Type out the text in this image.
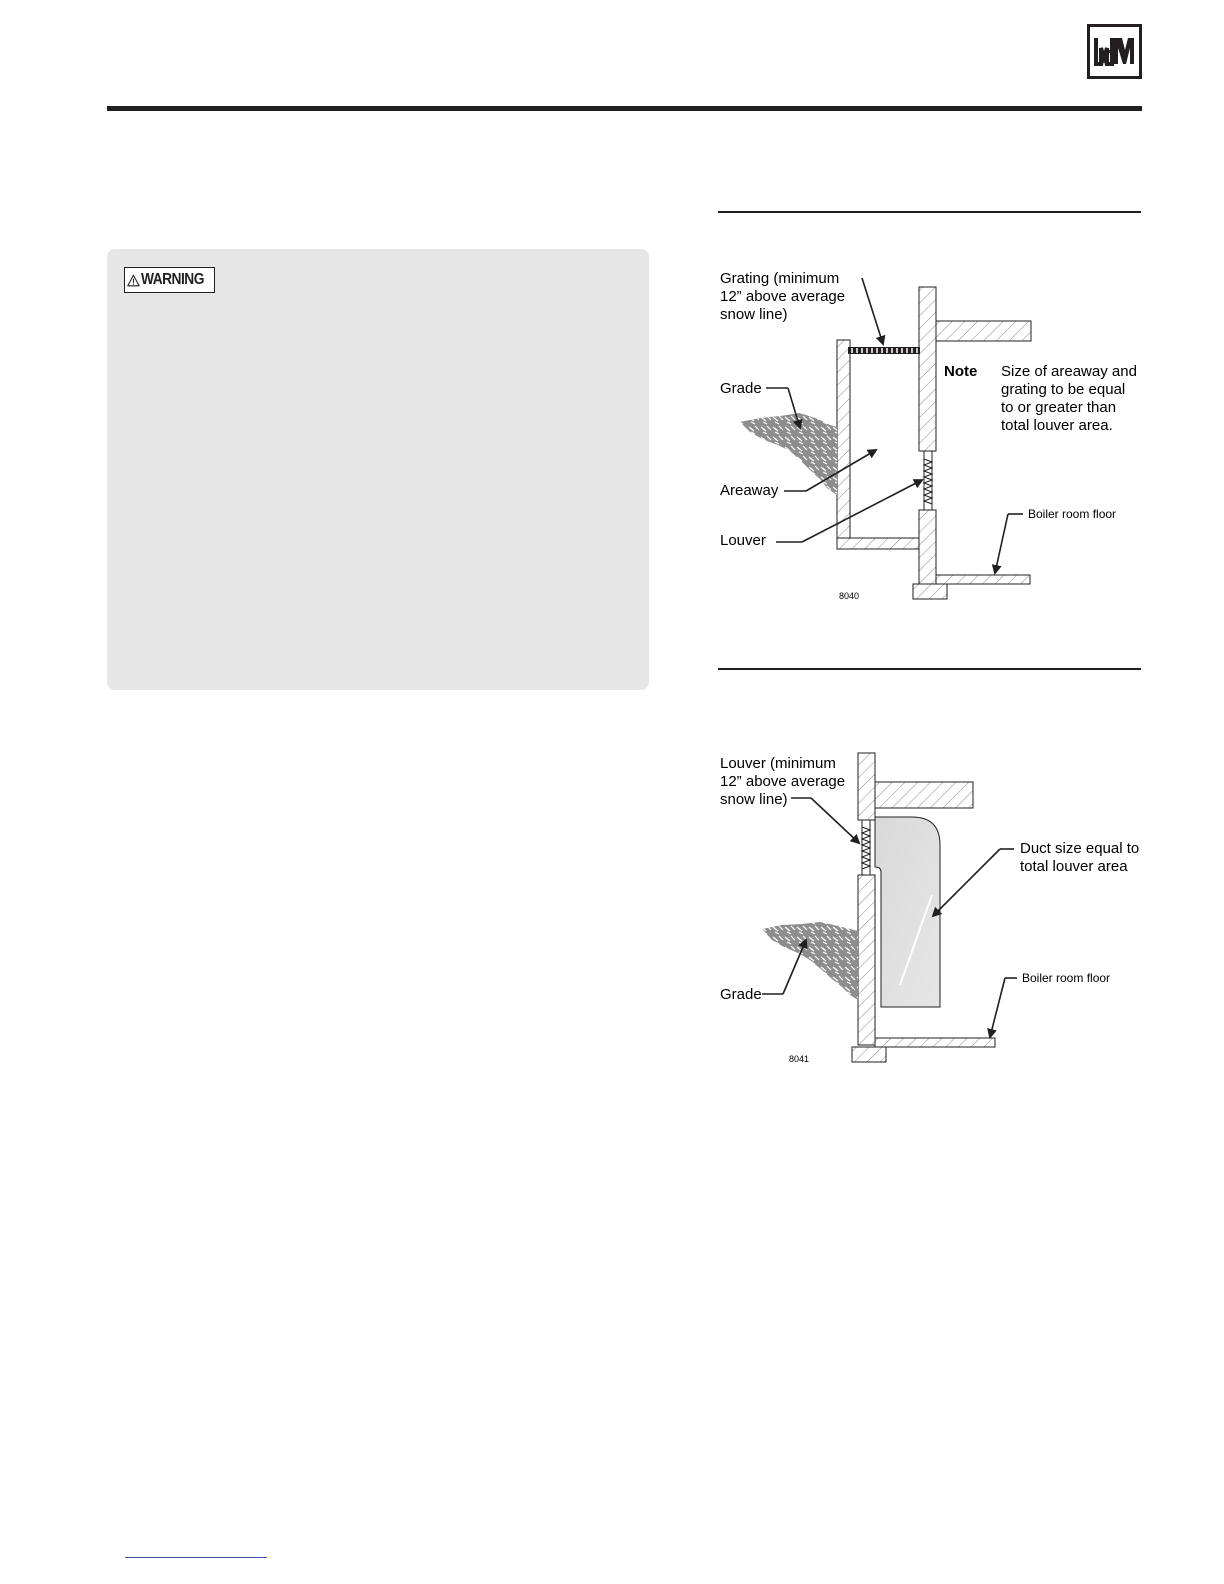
WARNING	Grating (minimum
12” above average
snow line)
Grade
Areaway
Louver
Note Size of areaway and
grating to be equal
to or greater than
total louver area.
Boiler room floor
8040
Louver (minimum
12” above average
snow line)
Duct size equal to
total louver area
Grade
Boiler room floor
8041
